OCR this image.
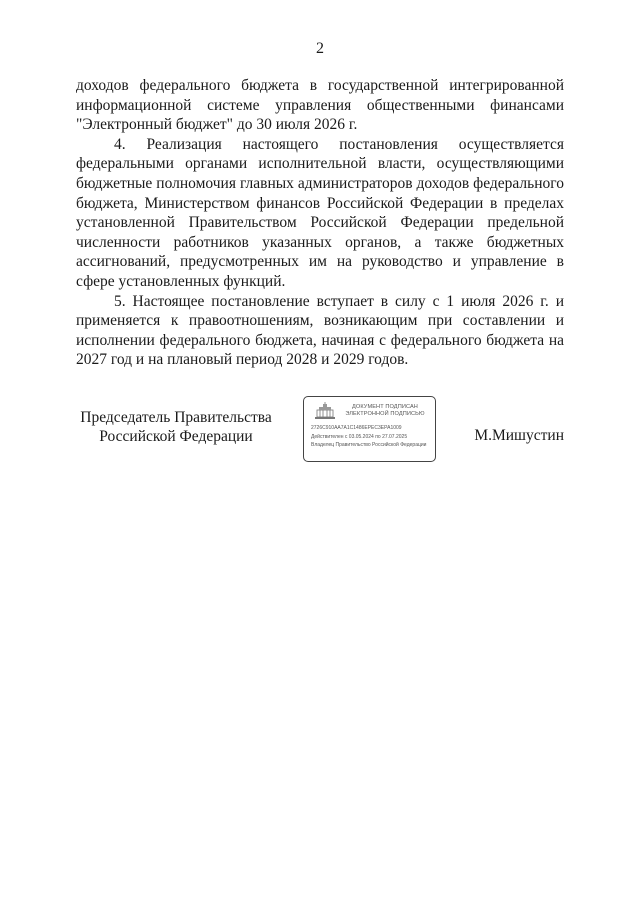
2

доходов федерального бюджета в государственной интегрированной информационной системе управления общественными финансами "Электронный бюджет" до 30 июля 2026 г.

4. Реализация настоящего постановления осуществляется федеральными органами исполнительной власти, осуществляющими бюджетные полномочия главных администраторов доходов федерального бюджета, Министерством финансов Российской Федерации в пределах установленной Правительством Российской Федерации предельной численности работников указанных органов, а также бюджетных ассигнований, предусмотренных им на руководство и управление в сфере установленных функций.

5. Настоящее постановление вступает в силу с 1 июля 2026 г. и применяется к правоотношениям, возникающим при составлении и исполнении федерального бюджета, начиная с федерального бюджета на 2027 год и на плановый период 2028 и 2029 годов.

Председатель Правительства
Российской Федерации
ДОКУМЕНТ ПОДПИСАН ЭЛЕКТРОННОЙ ПОДПИСЬЮ
2726С910АА7А1С1486ЕРЕС3ЕРА1009
Действителен с 03.05.2024 по 27.07.2025
Владелец Правительство Российской Федерации
М.Мишустин
